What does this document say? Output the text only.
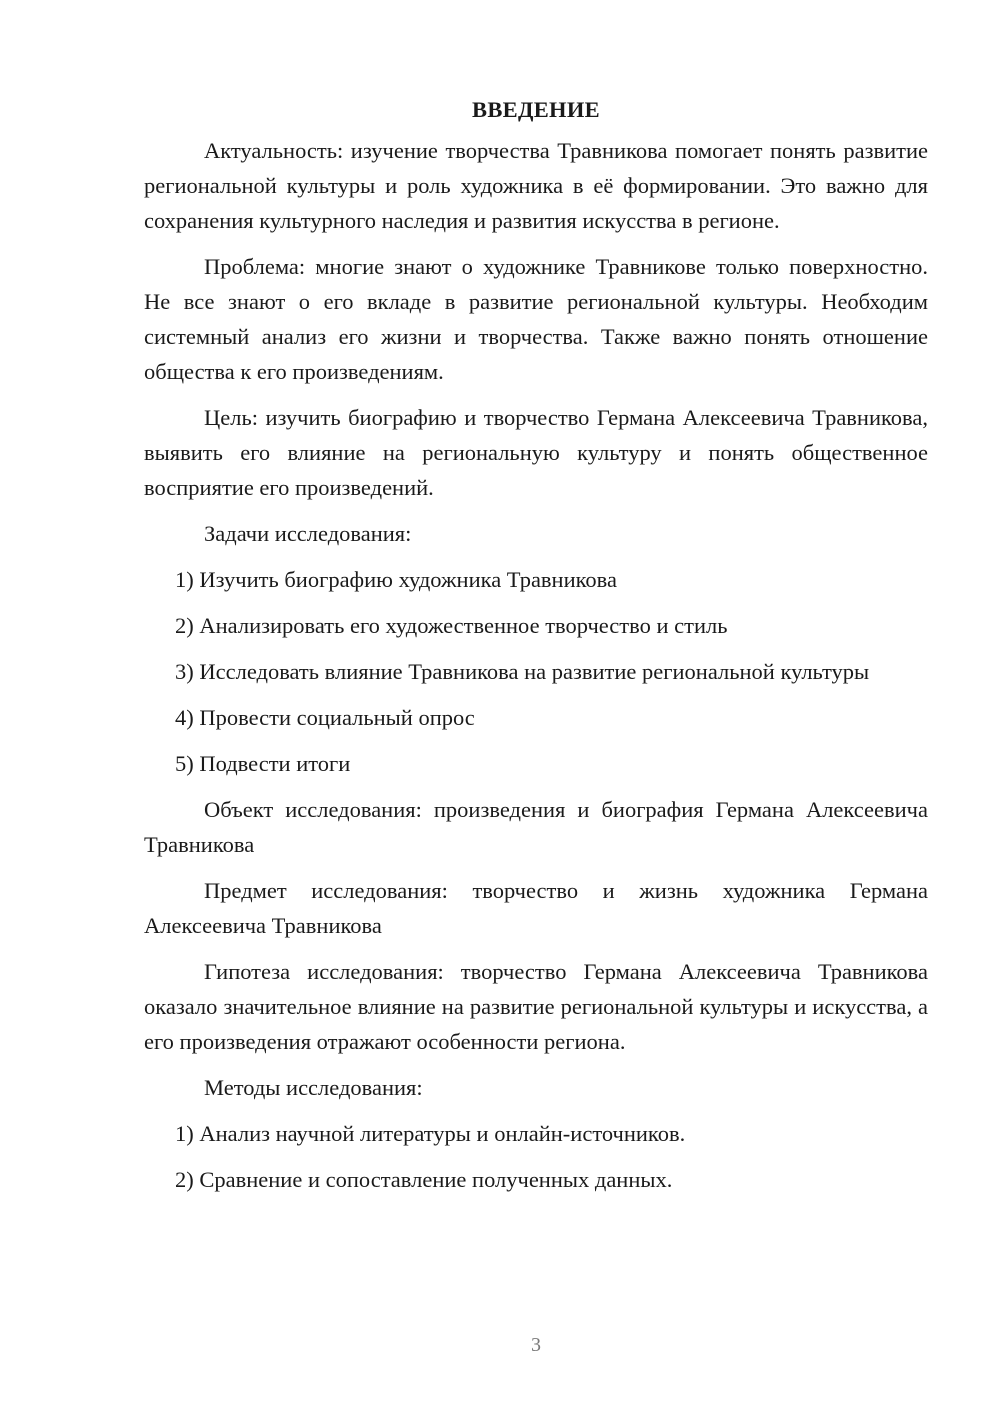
ВВЕДЕНИЕ

Актуальность: изучение творчества Травникова помогает понять развитие региональной культуры и роль художника в её формировании. Это важно для сохранения культурного наследия и развития искусства в регионе.

Проблема: многие знают о художнике Травникове только поверхностно. Не все знают о его вкладе в развитие региональной культуры. Необходим системный анализ его жизни и творчества. Также важно понять отношение общества к его произведениям.

Цель: изучить биографию и творчество Германа Алексеевича Травникова, выявить его влияние на региональную культуру и понять общественное восприятие его произведений.

Задачи исследования:

1) Изучить биографию художника Травникова

2) Анализировать его художественное творчество и стиль

3) Исследовать влияние Травникова на развитие региональной культуры

4) Провести социальный опрос

5) Подвести итоги

Объект исследования: произведения и биография Германа Алексеевича Травникова

Предмет исследования: творчество и жизнь художника Германа Алексеевича Травникова

Гипотеза исследования: творчество Германа Алексеевича Травникова оказало значительное влияние на развитие региональной культуры и искусства, а его произведения отражают особенности региона.

Методы исследования:

1) Анализ научной литературы и онлайн-источников.

2) Сравнение и сопоставление полученных данных.

3
